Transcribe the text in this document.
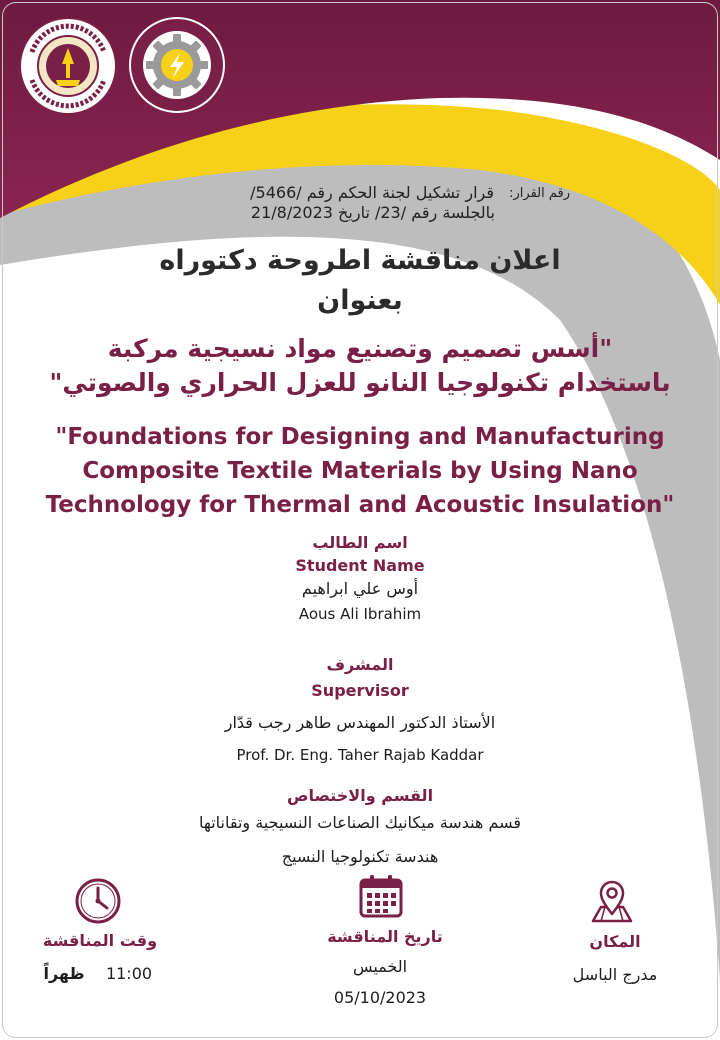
رقم القرار:
قرار تشكيل لجنة الحكم رقم /5466/
بالجلسة رقم /23/ تاريخ 21/8/2023
اعلان مناقشة اطروحة دكتوراه
بعنوان
"أسس تصميم وتصنيع مواد نسيجية مركبة
باستخدام تكنولوجيا النانو للعزل الحراري والصوتي"
"Foundations for Designing and Manufacturing
Composite Textile Materials by Using Nano
Technology for Thermal and Acoustic Insulation"
اسم الطالب
Student Name
أوس علي ابراهيم
Aous Ali Ibrahim
المشرف
Supervisor
الأستاذ الدكتور المهندس طاهر رجب قدّار
Prof. Dr. Eng. Taher Rajab Kaddar
القسم والاختصاص
قسم هندسة ميكانيك الصناعات النسيجية وتقاناتها
هندسة تكنولوجيا النسيج
وقت المناقشة
11:00
ظهراً
تاريخ المناقشة
الخميس
05/10/2023
المكان
مدرج الباسل
